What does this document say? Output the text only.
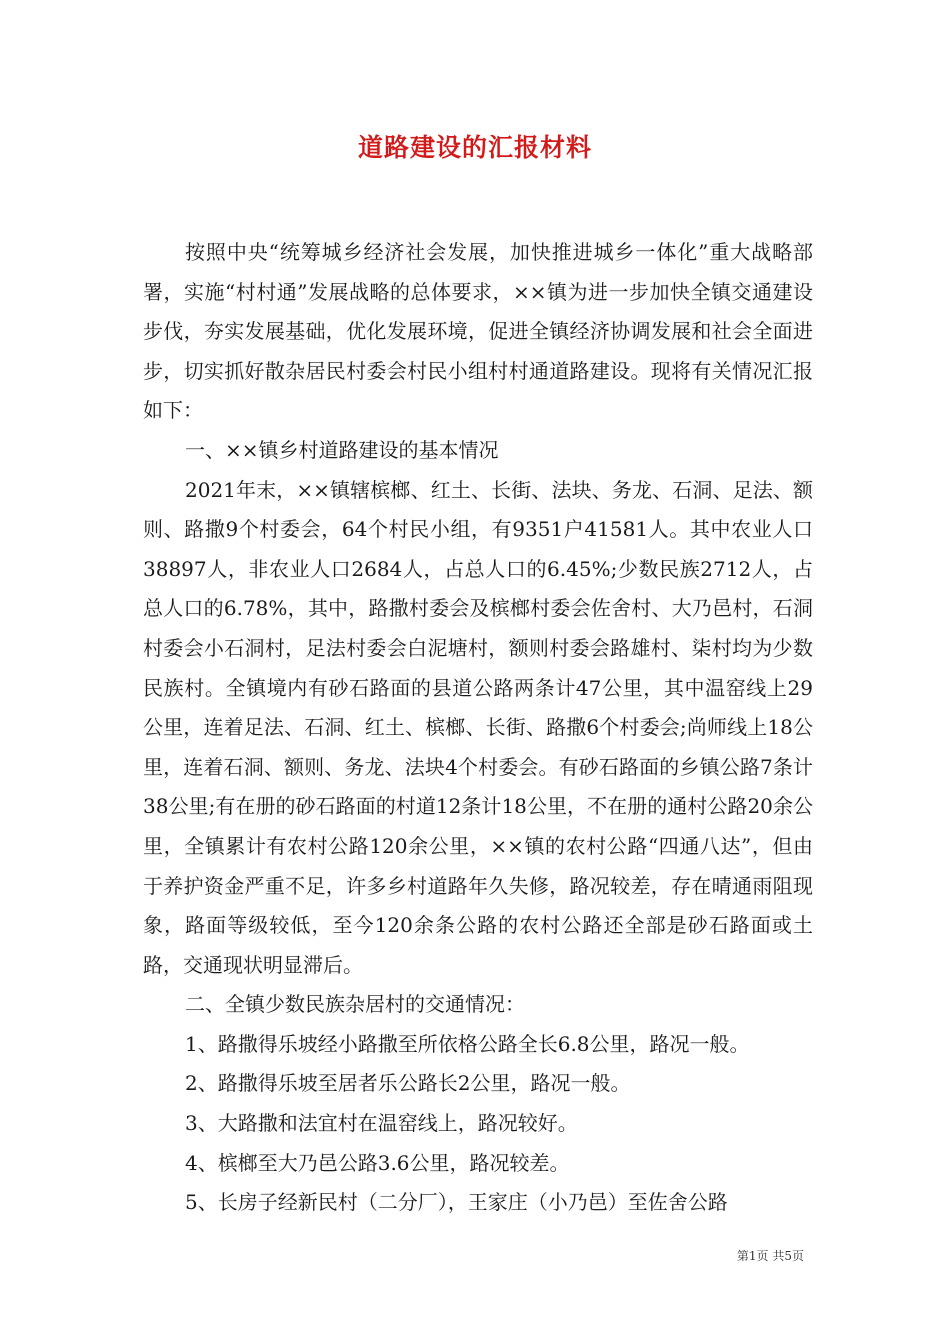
道路建设的汇报材料

按照中央“统筹城乡经济社会发展，加快推进城乡一体化”重大战略部署，实施“村村通”发展战略的总体要求，××镇为进一步加快全镇交通建设步伐，夯实发展基础，优化发展环境，促进全镇经济协调发展和社会全面进步，切实抓好散杂居民村委会村民小组村村通道路建设。现将有关情况汇报如下：

一、××镇乡村道路建设的基本情况

2021年末，××镇辖槟榔、红土、长街、法块、务龙、石洞、足法、额则、路撒9个村委会，64个村民小组，有9351户41581人。其中农业人口38897人，非农业人口2684人，占总人口的6.45%;少数民族2712人，占总人口的6.78%，其中，路撒村委会及槟榔村委会佐舍村、大乃邑村，石洞村委会小石洞村，足法村委会白泥塘村，额则村委会路雄村、柒村均为少数民族村。全镇境内有砂石路面的县道公路两条计47公里，其中温窑线上29公里，连着足法、石洞、红土、槟榔、长街、路撒6个村委会;尚师线上18公里，连着石洞、额则、务龙、法块4个村委会。有砂石路面的乡镇公路7条计38公里;有在册的砂石路面的村道12条计18公里，不在册的通村公路20余公里，全镇累计有农村公路120余公里，××镇的农村公路“四通八达”，但由于养护资金严重不足，许多乡村道路年久失修，路况较差，存在晴通雨阻现象，路面等级较低，至今120余条公路的农村公路还全部是砂石路面或土路，交通现状明显滞后。

二、全镇少数民族杂居村的交通情况：

1、路撒得乐坡经小路撒至所依格公路全长6.8公里，路况一般。

2、路撒得乐坡至居者乐公路长2公里，路况一般。

3、大路撒和法宜村在温窑线上，路况较好。

4、槟榔至大乃邑公路3.6公里，路况较差。

5、长房子经新民村（二分厂），王家庄（小乃邑）至佐舍公路

第1页 共5页
